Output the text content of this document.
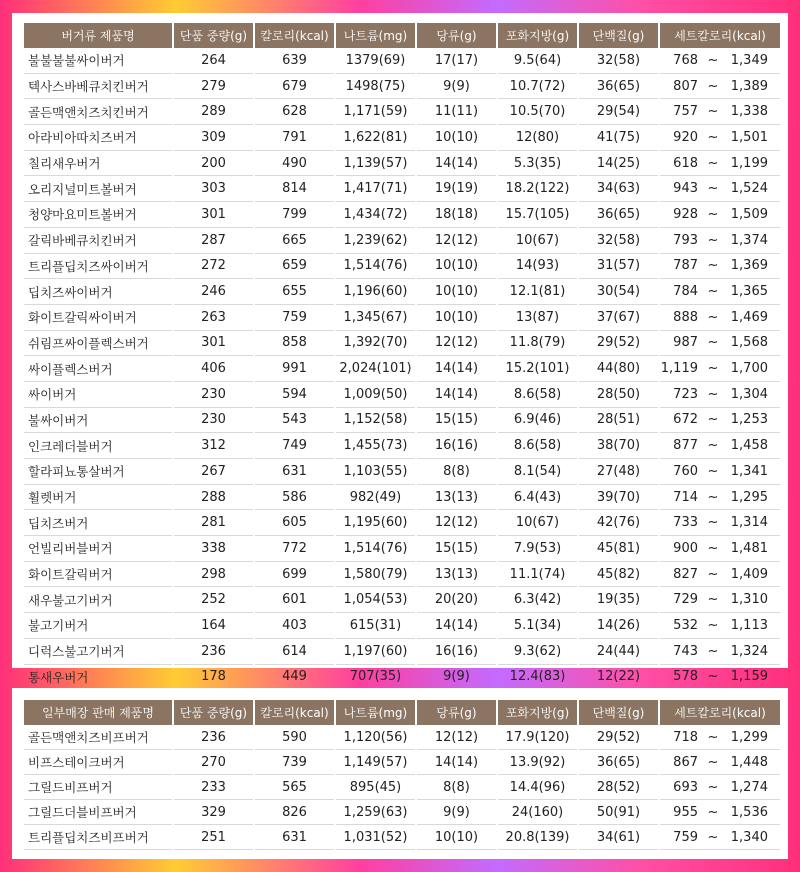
버거류 제품명	단품 중량(g)	칼로리(kcal)	나트륨(mg)	당류(g)	포화지방(g)	단백질(g)	세트칼로리(kcal)
불불불불싸이버거	264	639	1379(69)	17(17)	9.5(64)	32(58)	768 ~ 1,349
텍사스바베큐치킨버거	279	679	1498(75)	9(9)	10.7(72)	36(65)	807 ~ 1,389
골든맥앤치즈치킨버거	289	628	1,171(59)	11(11)	10.5(70)	29(54)	757 ~ 1,338
아라비아따치즈버거	309	791	1,622(81)	10(10)	12(80)	41(75)	920 ~ 1,501
칠리새우버거	200	490	1,139(57)	14(14)	5.3(35)	14(25)	618 ~ 1,199
오리지널미트볼버거	303	814	1,417(71)	19(19)	18.2(122)	34(63)	943 ~ 1,524
청양마요미트볼버거	301	799	1,434(72)	18(18)	15.7(105)	36(65)	928 ~ 1,509
갈릭바베큐치킨버거	287	665	1,239(62)	12(12)	10(67)	32(58)	793 ~ 1,374
트리플딥치즈싸이버거	272	659	1,514(76)	10(10)	14(93)	31(57)	787 ~ 1,369
딥치즈싸이버거	246	655	1,196(60)	10(10)	12.1(81)	30(54)	784 ~ 1,365
화이트갈릭싸이버거	263	759	1,345(67)	10(10)	13(87)	37(67)	888 ~ 1,469
쉬림프싸이플렉스버거	301	858	1,392(70)	12(12)	11.8(79)	29(52)	987 ~ 1,568
싸이플렉스버거	406	991	2,024(101)	14(14)	15.2(101)	44(80)	1,119 ~ 1,700
싸이버거	230	594	1,009(50)	14(14)	8.6(58)	28(50)	723 ~ 1,304
불싸이버거	230	543	1,152(58)	15(15)	6.9(46)	28(51)	672 ~ 1,253
인크레더블버거	312	749	1,455(73)	16(16)	8.6(58)	38(70)	877 ~ 1,458
할라피뇨통살버거	267	631	1,103(55)	8(8)	8.1(54)	27(48)	760 ~ 1,341
휠렛버거	288	586	982(49)	13(13)	6.4(43)	39(70)	714 ~ 1,295
딥치즈버거	281	605	1,195(60)	12(12)	10(67)	42(76)	733 ~ 1,314
언빌리버블버거	338	772	1,514(76)	15(15)	7.9(53)	45(81)	900 ~ 1,481
화이트갈릭버거	298	699	1,580(79)	13(13)	11.1(74)	45(82)	827 ~ 1,409
새우불고기버거	252	601	1,054(53)	20(20)	6.3(42)	19(35)	729 ~ 1,310
불고기버거	164	403	615(31)	14(14)	5.1(34)	14(26)	532 ~ 1,113
디럭스불고기버거	236	614	1,197(60)	16(16)	9.3(62)	24(44)	743 ~ 1,324
통새우버거	178	449	707(35)	9(9)	12.4(83)	12(22)	578 ~ 1,159
일부매장 판매 제품명	단품 중량(g)	칼로리(kcal)	나트륨(mg)	당류(g)	포화지방(g)	단백질(g)	세트칼로리(kcal)
골든맥앤치즈비프버거	236	590	1,120(56)	12(12)	17.9(120)	29(52)	718 ~ 1,299
비프스테이크버거	270	739	1,149(57)	14(14)	13.9(92)	36(65)	867 ~ 1,448
그릴드비프버거	233	565	895(45)	8(8)	14.4(96)	28(52)	693 ~ 1,274
그릴드더블비프버거	329	826	1,259(63)	9(9)	24(160)	50(91)	955 ~ 1,536
트리플딥치즈비프버거	251	631	1,031(52)	10(10)	20.8(139)	34(61)	759 ~ 1,340
